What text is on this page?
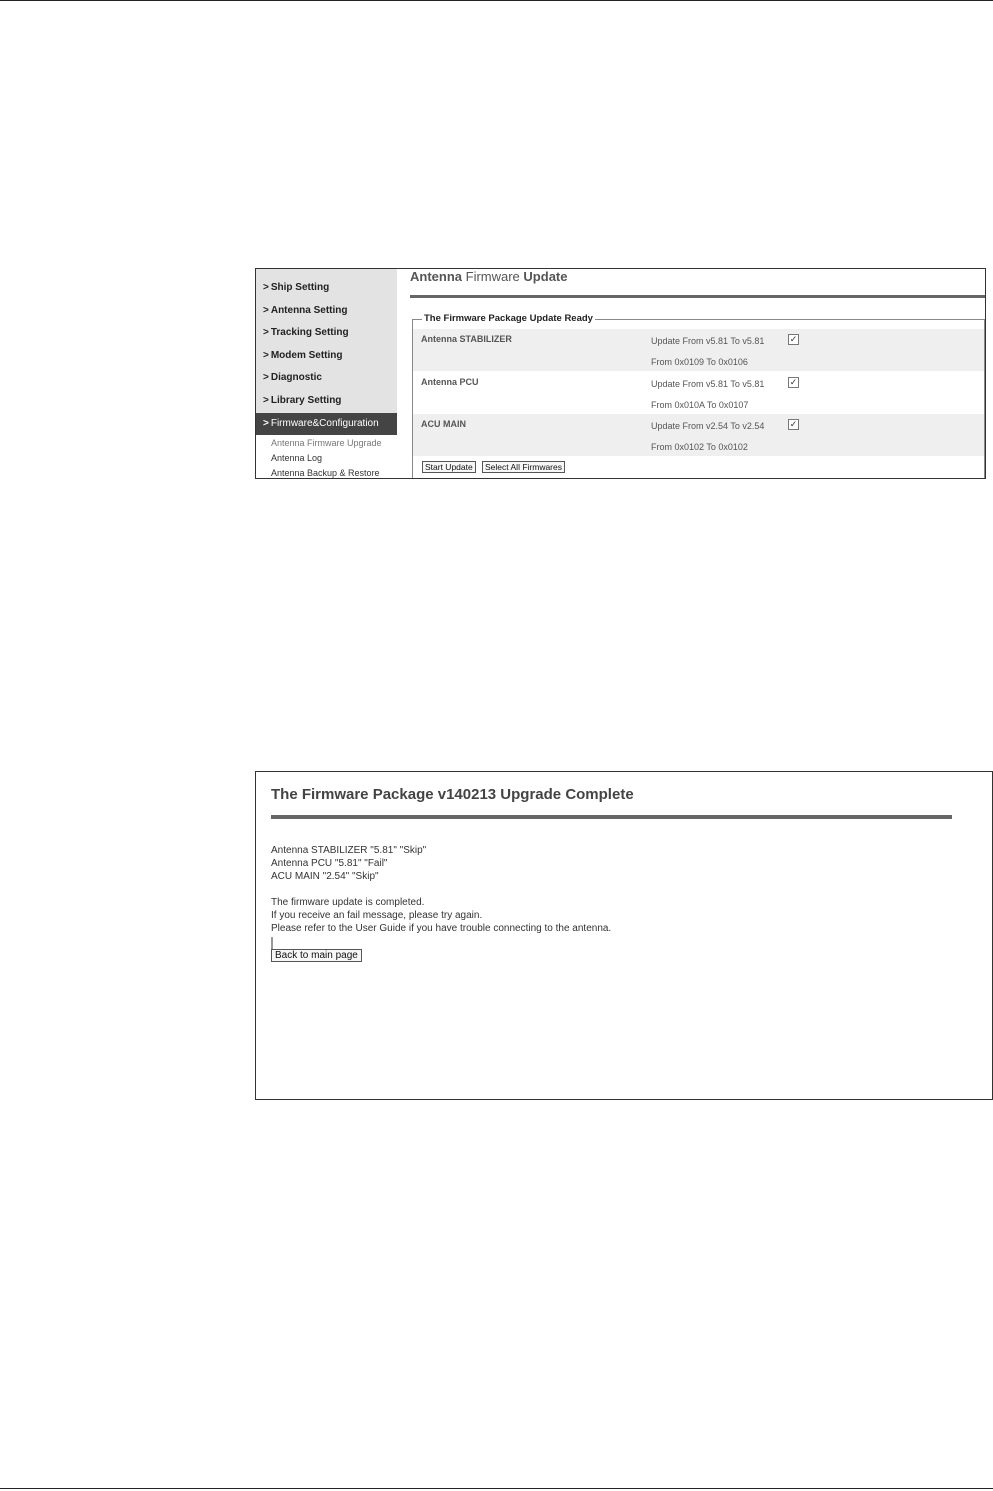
> Ship Setting
> Antenna Setting
> Tracking Setting
> Modem Setting
> Diagnostic
> Library Setting
> Firmware&Configuration
Antenna Firmware Upgrade
Antenna Log
Antenna Backup & Restore
Antenna Firmware Update
The Firmware Package Update Ready
Antenna STABILIZER	Update From v5.81 To v5.81
From 0x0109 To 0x0106
✓
Antenna PCU	Update From v5.81 To v5.81
From 0x010A To 0x0107
✓
ACU MAIN	Update From v2.54 To v2.54
From 0x0102 To 0x0102
✓
Start Update	Select All Firmwares
The Firmware Package v140213 Upgrade Complete
Antenna STABILIZER "5.81" "Skip"
Antenna PCU "5.81" "Fail"
ACU MAIN "2.54" "Skip"
The firmware update is completed.
If you receive an fail message, please try again.
Please refer to the User Guide if you have trouble connecting to the antenna.
Back to main page
